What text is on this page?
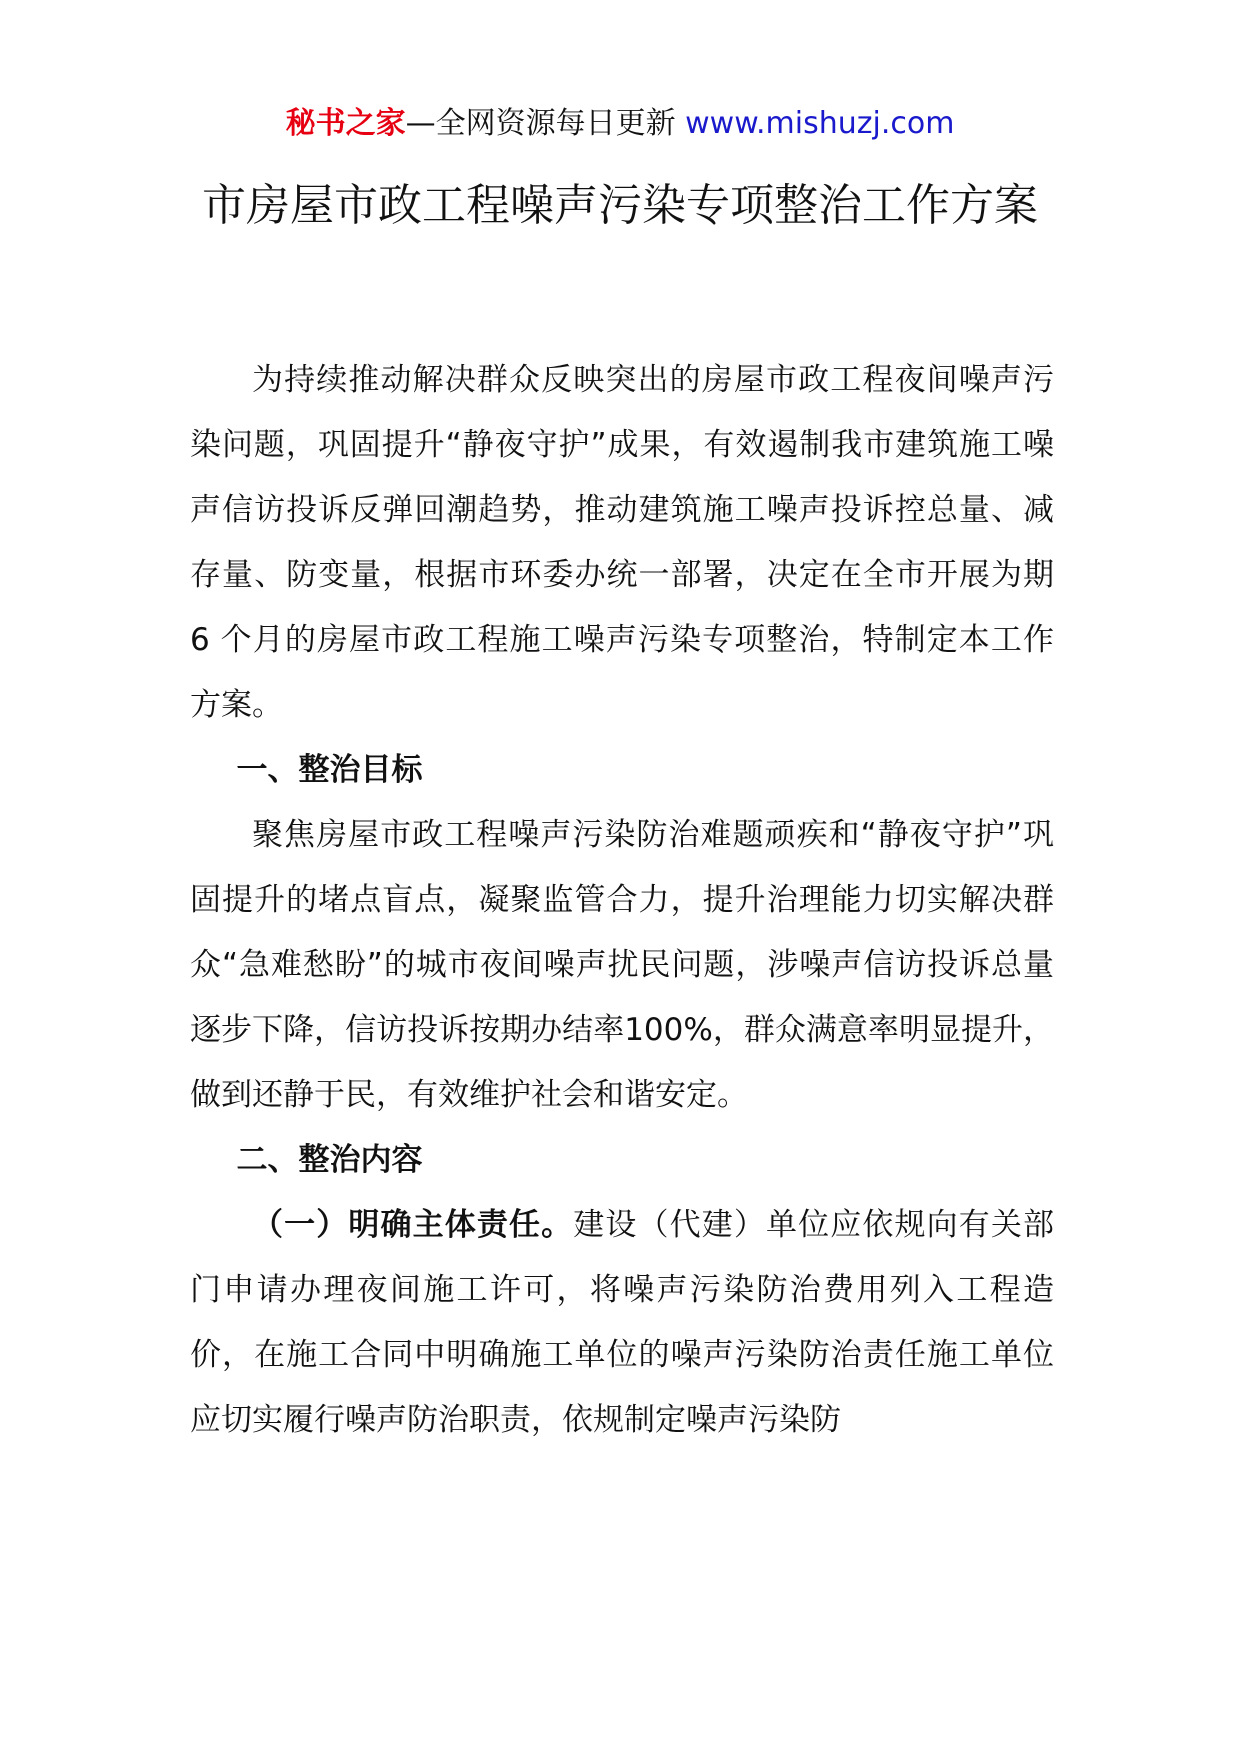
秘书之家—全网资源每日更新 www.mishuzj.com
市房屋市政工程噪声污染专项整治工作方案

为持续推动解决群众反映突出的房屋市政工程夜间噪声污染问题，巩固提升“静夜守护”成果，有效遏制我市建筑施工噪声信访投诉反弹回潮趋势，推动建筑施工噪声投诉控总量、减存量、防变量，根据市环委办统一部署，决定在全市开展为期 6 个月的房屋市政工程施工噪声污染专项整治，特制定本工作方案。

一、整治目标

聚焦房屋市政工程噪声污染防治难题顽疾和“静夜守护”巩固提升的堵点盲点，凝聚监管合力，提升治理能力切实解决群众“急难愁盼”的城市夜间噪声扰民问题，涉噪声信访投诉总量逐步下降，信访投诉按期办结率100%，群众满意率明显提升，做到还静于民，有效维护社会和谐安定。

二、整治内容

（一）明确主体责任。建设（代建）单位应依规向有关部门申请办理夜间施工许可，将噪声污染防治费用列入工程造价，在施工合同中明确施工单位的噪声污染防治责任施工单位应切实履行噪声防治职责，依规制定噪声污染防
